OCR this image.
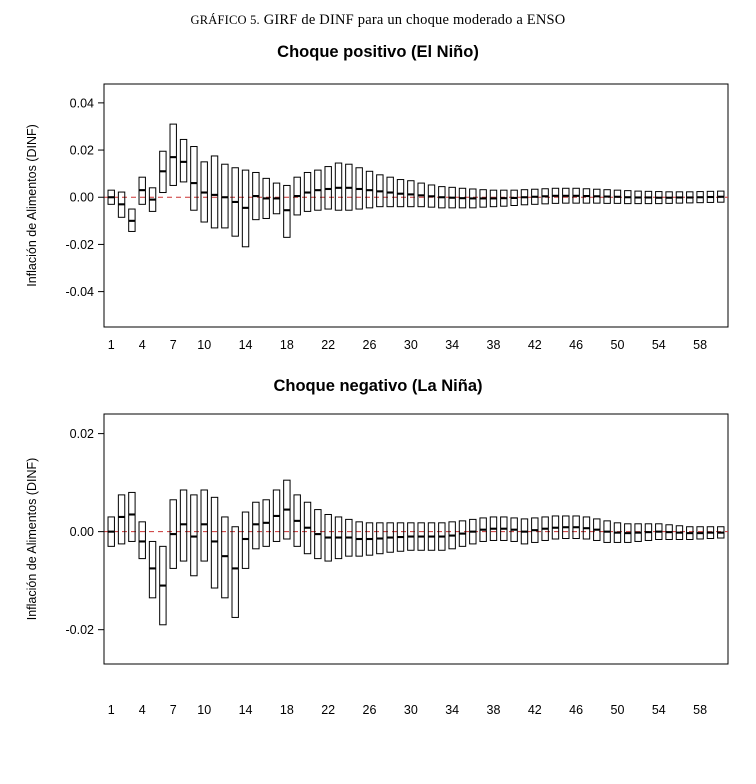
GRÁFICO 5. GIRF de DINF para un choque moderado a ENSO
Choque positivo (El Niño)
-0.04
-0.02
0.00
0.02
0.04
1 4 7 10 14 18 22 26 30 34 38 42 46 50 54 58
Inflación de Alimentos (DINF)
Choque negativo (La Niña)
-0.02
0.00
0.02
1 4 7 10 14 18 22 26 30 34 38 42 46 50 54 58
Inflación de Alimentos (DINF)
